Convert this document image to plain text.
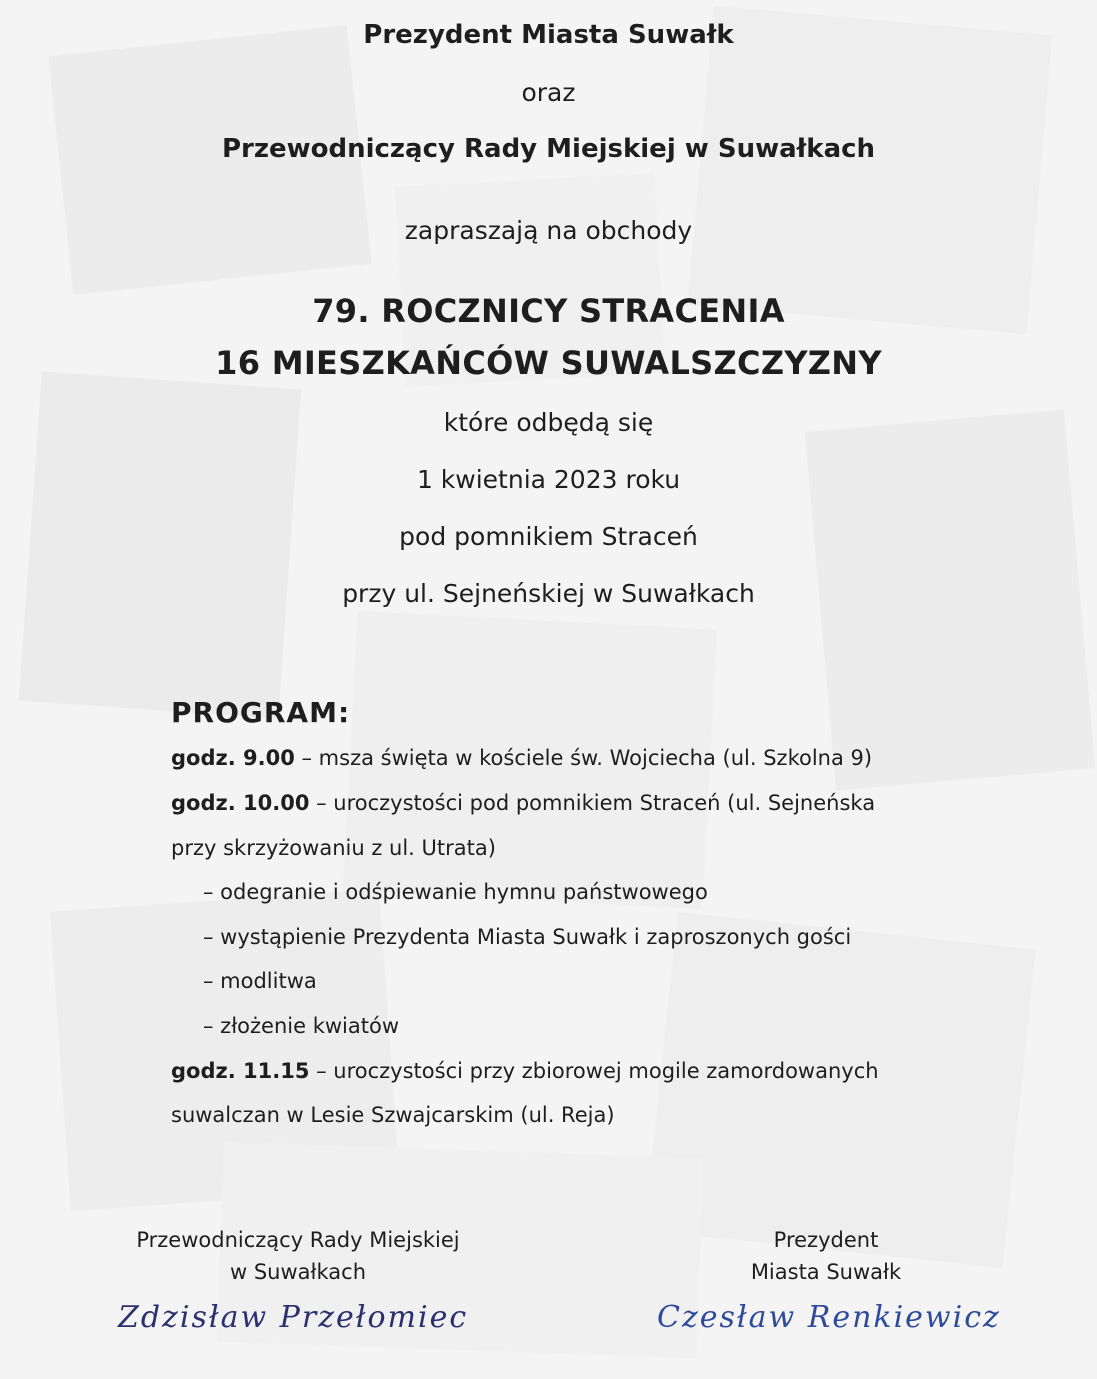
Prezydent Miasta Suwałk
oraz
Przewodniczący Rady Miejskiej w Suwałkach
zapraszają na obchody
79. ROCZNICY STRACENIA
16 MIESZKAŃCÓW SUWALSZCZYZNY
które odbędą się
1 kwietnia 2023 roku
pod pomnikiem Straceń
przy ul. Sejneńskiej w Suwałkach
PROGRAM:
godz. 9.00 – msza święta w kościele św. Wojciecha (ul. Szkolna 9)
godz. 10.00 – uroczystości pod pomnikiem Straceń (ul. Sejneńska
przy skrzyżowaniu z ul. Utrata)
– odegranie i odśpiewanie hymnu państwowego
– wystąpienie Prezydenta Miasta Suwałk i zaproszonych gości
– modlitwa
– złożenie kwiatów
godz. 11.15 – uroczystości przy zbiorowej mogile zamordowanych
suwalczan w Lesie Szwajcarskim (ul. Reja)
Przewodniczący Rady Miejskiej
w Suwałkach
Zdzisław Przełomiec
Prezydent
Miasta Suwałk
Czesław Renkiewicz
